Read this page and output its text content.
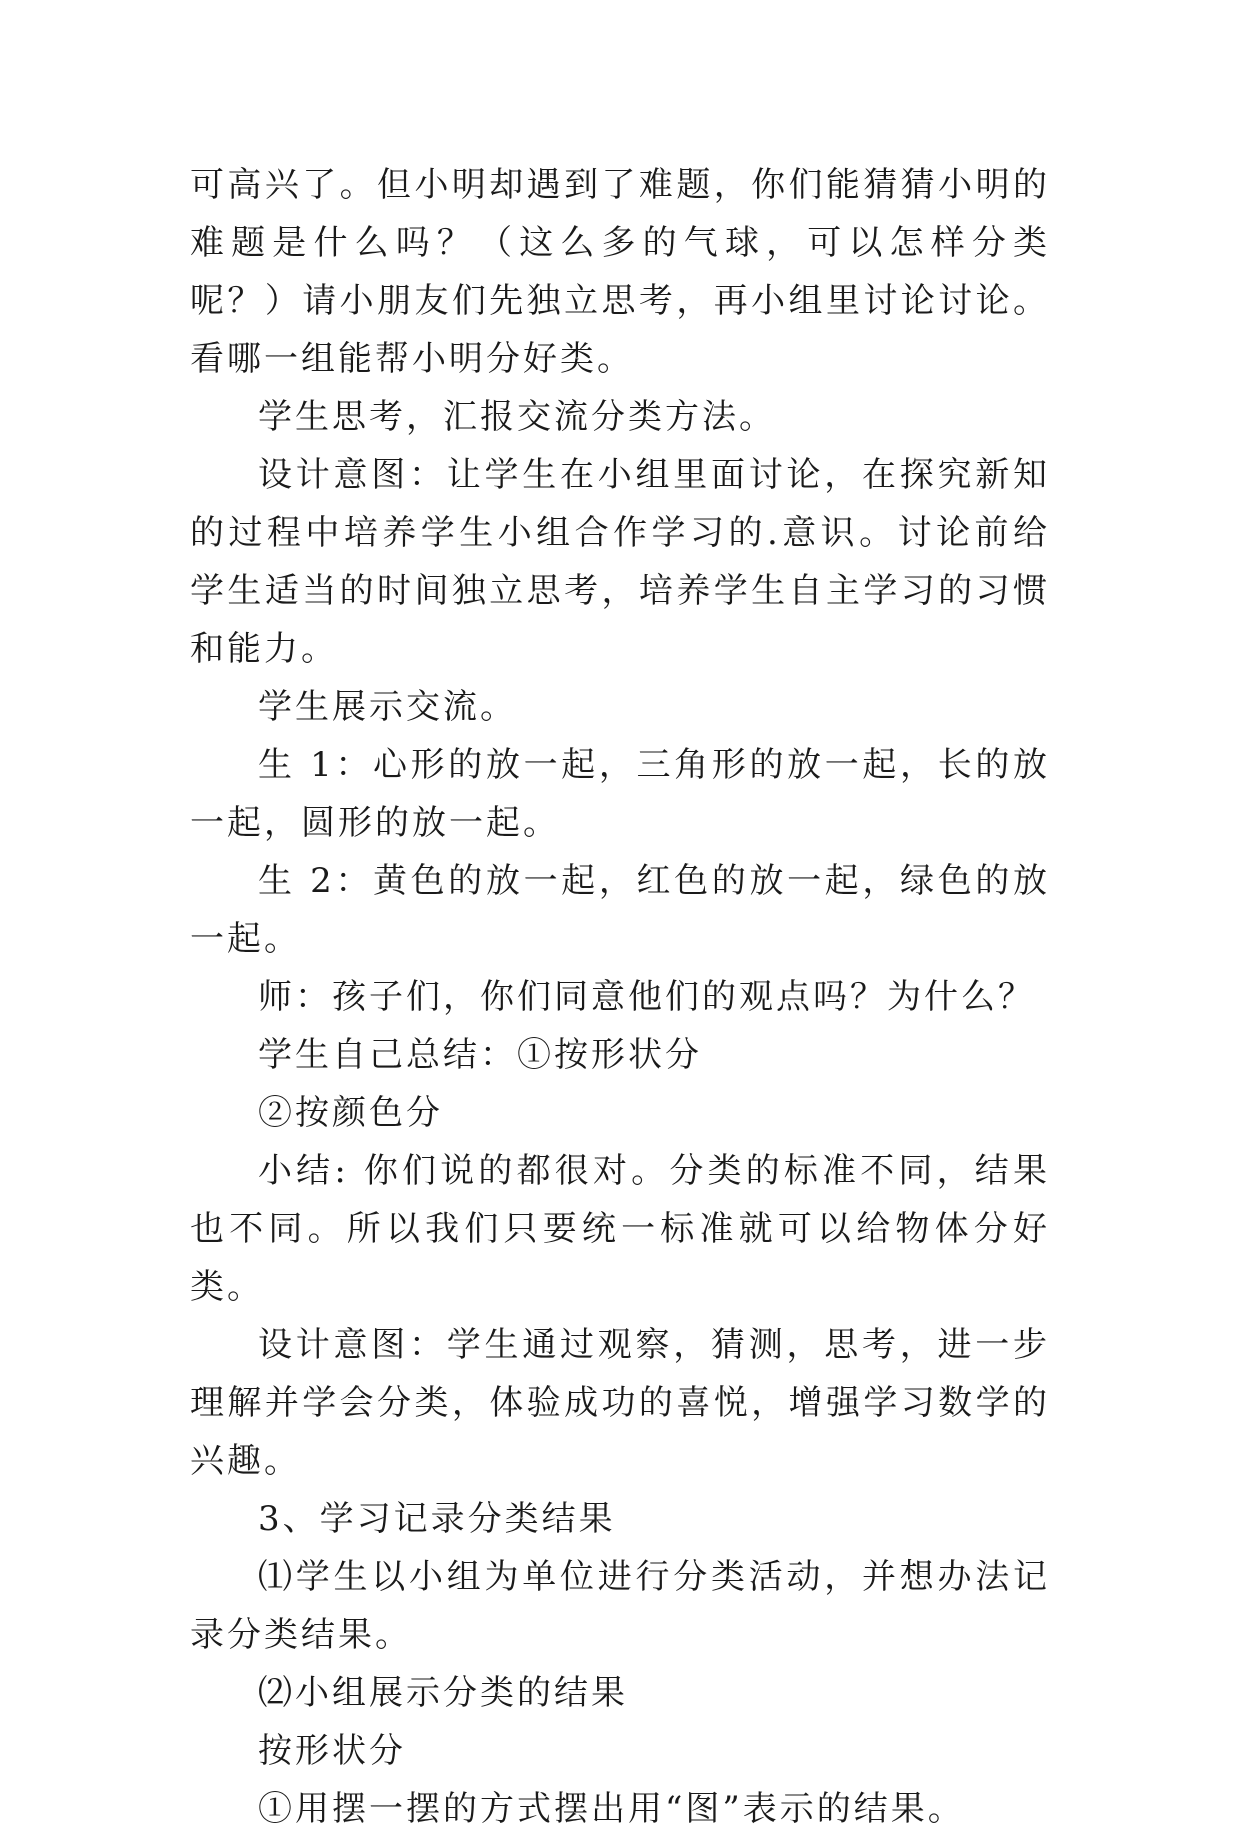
可高兴了。但小明却遇到了难题，你们能猜猜小明的难题是什么吗？（这么多的气球，可以怎样分类呢？）请小朋友们先独立思考，再小组里讨论讨论。看哪一组能帮小明分好类。

学生思考，汇报交流分类方法。

设计意图：让学生在小组里面讨论，在探究新知的过程中培养学生小组合作学习的.意识。讨论前给学生适当的时间独立思考，培养学生自主学习的习惯和能力。

学生展示交流。

生 1：心形的放一起，三角形的放一起，长的放一起，圆形的放一起。

生 2：黄色的放一起，红色的放一起，绿色的放一起。

师：孩子们，你们同意他们的观点吗？为什么？

学生自己总结：①按形状分

②按颜色分

小结: 你们说的都很对。分类的标准不同，结果也不同。所以我们只要统一标准就可以给物体分好类。

设计意图：学生通过观察，猜测，思考，进一步理解并学会分类，体验成功的喜悦，增强学习数学的兴趣。

3、学习记录分类结果

⑴学生以小组为单位进行分类活动，并想办法记录分类结果。

⑵小组展示分类的结果

按形状分

①用摆一摆的方式摆出用“图”表示的结果。
